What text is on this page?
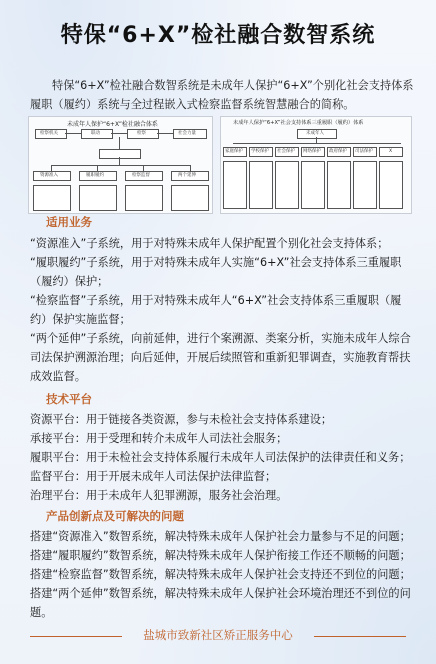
特保“6+X”检社融合数智系统
特保“6+X”检社融合数智系统是未成年人保护“6+X”个别化社会支持体系履职（履约）系统与全过程嵌入式检察监督系统智慧融合的简称。
未成年人保护“6+X”检社融合体系
检察机关	联动	检察	社会力量
资源准入	履职履约	检察监督	两个延伸
未成年人保护“6+X”社会支持体系三重履职（履约）体系
未成年人
家庭保护 学校保护 社会保护 网络保护 政府保护 司法保护	X
适用业务
“资源准入”子系统，用于对特殊未成年人保护配置个别化社会支持体系；
“履职履约”子系统，用于对特殊未成年人实施“6+X”社会支持体系三重履职（履约）保护；
“检察监督”子系统，用于对特殊未成年人“6+X”社会支持体系三重履职（履约）保护实施监督；
“两个延伸”子系统，向前延伸，进行个案溯源、类案分析，实施未成年人综合司法保护溯源治理；向后延伸，开展后续照管和重新犯罪调查，实施教育帮扶成效监督。
技术平台
资源平台：用于链接各类资源，参与未检社会支持体系建设；
承接平台：用于受理和转介未成年人司法社会服务；
履职平台：用于未检社会支持体系履行未成年人司法保护的法律责任和义务；
监督平台：用于开展未成年人司法保护法律监督；
治理平台：用于未成年人犯罪溯源，服务社会治理。
产品创新点及可解决的问题
搭建“资源准入”数智系统，解决特殊未成年人保护社会力量参与不足的问题；
搭建“履职履约”数智系统，解决特殊未成年人保护衔接工作还不顺畅的问题；
搭建“检察监督”数智系统，解决特殊未成年人保护社会支持还不到位的问题；
搭建“两个延伸”数智系统，解决特殊未成年人保护社会环境治理还不到位的问题。
盐城市致新社区矫正服务中心
